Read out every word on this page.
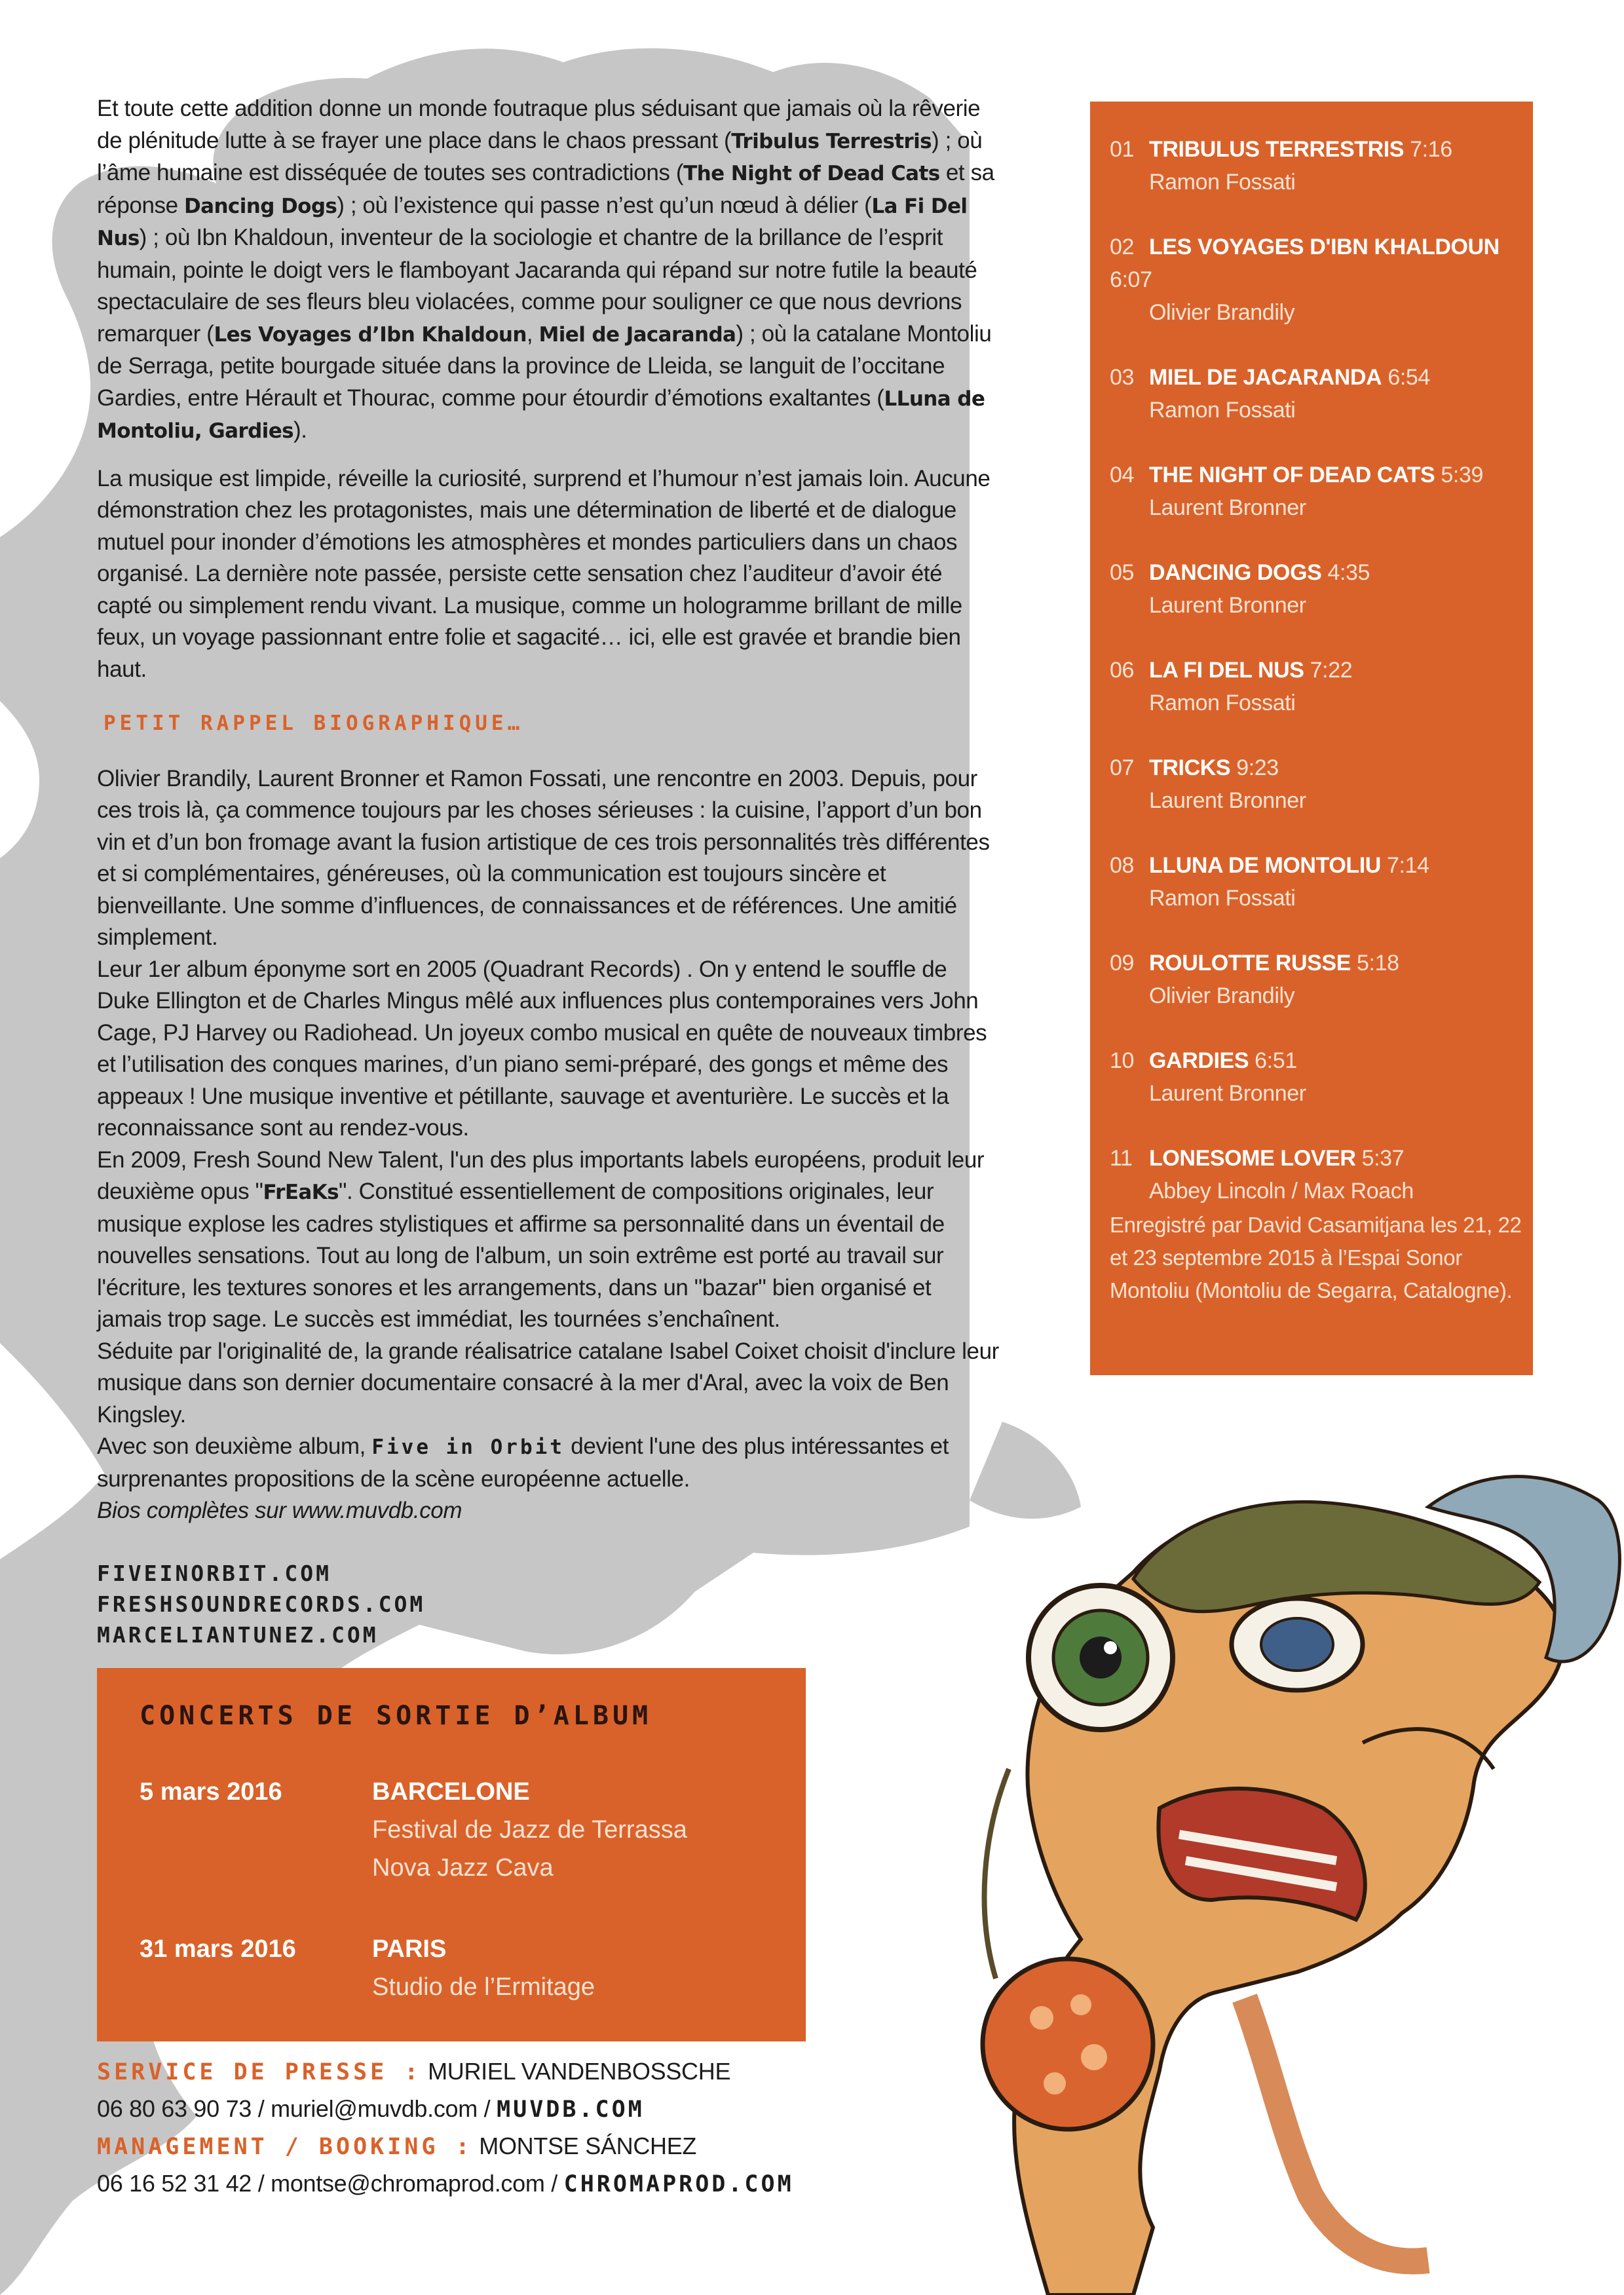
Et toute cette addition donne un monde foutraque plus séduisant que jamais où la rêverie de plénitude lutte à se frayer une place dans le chaos pressant (Tribulus Terrestris) ; où l’âme humaine est disséquée de toutes ses contradictions (The Night of Dead Cats et sa réponse Dancing Dogs) ; où l’existence qui passe n’est qu’un nœud à délier (La Fi Del Nus) ; où Ibn Khaldoun, inventeur de la sociologie et chantre de la brillance de l’esprit humain, pointe le doigt vers le flamboyant Jacaranda qui répand sur notre futile la beauté spectaculaire de ses fleurs bleu violacées, comme pour souligner ce que nous devrions remarquer (Les Voyages d’Ibn Khaldoun, Miel de Jacaranda) ; où la catalane Montoliu de Serraga, petite bourgade située dans la province de Lleida, se languit de l’occitane Gardies, entre Hérault et Thourac, comme pour étourdir d’émotions exaltantes (LLuna de Montoliu, Gardies).

La musique est limpide, réveille la curiosité, surprend et l’humour n’est jamais loin. Aucune démonstration chez les protagonistes, mais une détermination de liberté et de dialogue mutuel pour inonder d’émotions les atmosphères et mondes particuliers dans un chaos organisé. La dernière note passée, persiste cette sensation chez l’auditeur d’avoir été capté ou simplement rendu vivant. La musique, comme un hologramme brillant de mille feux, un voyage passionnant entre folie et sagacité… ici, elle est gravée et brandie bien haut.

PETIT RAPPEL BIOGRAPHIQUE…
Olivier Brandily, Laurent Bronner et Ramon Fossati, une rencontre en 2003. Depuis, pour ces trois là, ça commence toujours par les choses sérieuses : la cuisine, l’apport d’un bon vin et d’un bon fromage avant la fusion artistique de ces trois personnalités très différentes et si complémentaires, généreuses, où la communication est toujours sincère et bienveillante. Une somme d’influences, de connaissances et de références. Une amitié simplement.
Leur 1er album éponyme sort en 2005 (Quadrant Records) . On y entend le souffle de Duke Ellington et de Charles Mingus mêlé aux influences plus contemporaines vers John Cage, PJ Harvey ou Radiohead. Un joyeux combo musical en quête de nouveaux timbres et l’utilisation des conques marines, d’un piano semi-préparé, des gongs et même des appeaux ! Une musique inventive et pétillante, sauvage et aventurière. Le succès et la reconnaissance sont au rendez-vous.
En 2009, Fresh Sound New Talent, l'un des plus importants labels européens, produit leur deuxième opus "FrEaKs". Constitué essentiellement de compositions originales, leur musique explose les cadres stylistiques et affirme sa personnalité dans un éventail de nouvelles sensations. Tout au long de l'album, un soin extrême est porté au travail sur l'écriture, les textures sonores et les arrangements, dans un "bazar" bien organisé et jamais trop sage. Le succès est immédiat, les tournées s’enchaînent.
Séduite par l'originalité de, la grande réalisatrice catalane Isabel Coixet choisit d'inclure leur musique dans son dernier documentaire consacré à la mer d'Aral, avec la voix de Ben Kingsley.
Avec son deuxième album, Five in Orbit devient l'une des plus intéressantes et surprenantes propositions de la scène européenne actuelle.
Bios complètes sur www.muvdb.com
01 TRIBULUS TERRESTRIS 7:16
Ramon Fossati
02 LES VOYAGES D'IBN KHALDOUN 6:07
Olivier Brandily
03 MIEL DE JACARANDA 6:54
Ramon Fossati
04 THE NIGHT OF DEAD CATS 5:39
Laurent Bronner
05 DANCING DOGS 4:35
Laurent Bronner
06 LA FI DEL NUS 7:22
Ramon Fossati
07 TRICKS 9:23
Laurent Bronner
08 LLUNA DE MONTOLIU 7:14
Ramon Fossati
09 ROULOTTE RUSSE 5:18
Olivier Brandily
10 GARDIES 6:51
Laurent Bronner
11 LONESOME LOVER 5:37
Abbey Lincoln / Max Roach
Enregistré par David Casamitjana les 21, 22 et 23 septembre 2015 à l’Espai Sonor Montoliu (Montoliu de Segarra, Catalogne).
FIVEINORBIT.COM
FRESHSOUNDRECORDS.COM
MARCELIANTUNEZ.COM
CONCERTS DE SORTIE D’ALBUM
5 mars 2016	BARCELONE
Festival de Jazz de Terrassa
Nova Jazz Cava
31 mars 2016	PARIS
Studio de l’Ermitage
SERVICE DE PRESSE : MURIEL VANDENBOSSCHE
06 80 63 90 73 / muriel@muvdb.com / MUVDB.COM
MANAGEMENT / BOOKING : MONTSE SÁNCHEZ
06 16 52 31 42 / montse@chromaprod.com / CHROMAPROD.COM
